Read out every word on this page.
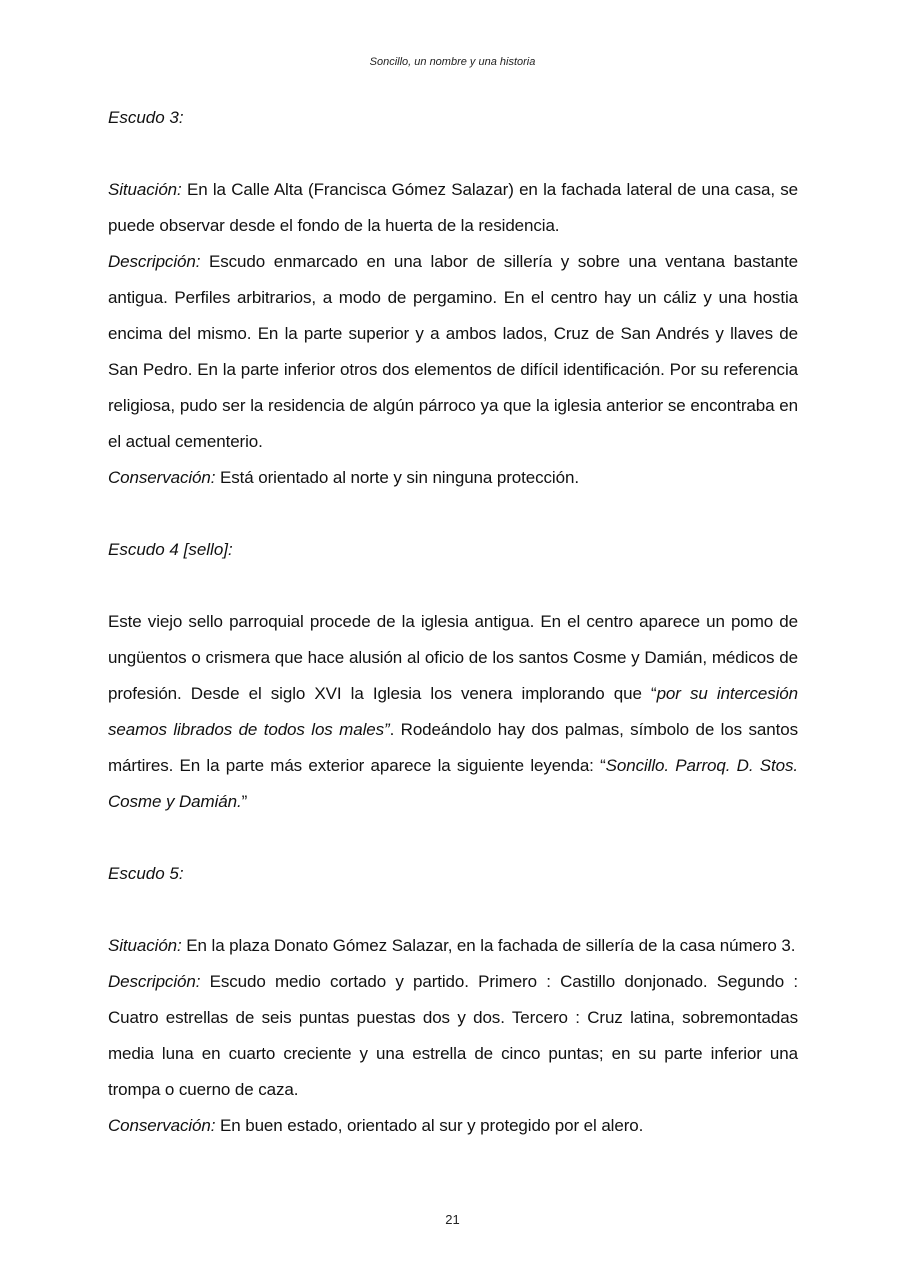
Soncillo, un nombre y una historia

Escudo 3:

Situación: En la Calle Alta (Francisca Gómez Salazar) en la fachada lateral de una casa, se puede observar desde el fondo de la huerta de la residencia.

Descripción: Escudo enmarcado en una labor de sillería y sobre una ventana bastante antigua. Perfiles arbitrarios, a modo de pergamino. En el centro hay un cáliz y una hostia encima del mismo. En la parte superior y a ambos lados, Cruz de San Andrés y llaves de San Pedro. En la parte inferior otros dos elementos de difícil identificación. Por su referencia religiosa, pudo ser la residencia de algún párroco ya que la iglesia anterior se encontraba en el actual cementerio.

Conservación: Está orientado al norte y sin ninguna protección.

Escudo 4 [sello]:

Este viejo sello parroquial procede de la iglesia antigua. En el centro aparece un pomo de ungüentos o crismera que hace alusión al oficio de los santos Cosme y Damián, médicos de profesión. Desde el siglo XVI la Iglesia los venera implorando que “por su intercesión seamos librados de todos los males”. Rodeándolo hay dos palmas, símbolo de los santos mártires. En la parte más exterior aparece la siguiente leyenda: “Soncillo. Parroq. D. Stos. Cosme y Damián.”

Escudo 5:

Situación: En la plaza Donato Gómez Salazar, en la fachada de sillería de la casa número 3.

Descripción: Escudo medio cortado y partido. Primero : Castillo donjonado. Segundo : Cuatro estrellas de seis puntas puestas dos y dos. Tercero : Cruz latina, sobremontadas media luna en cuarto creciente y una estrella de cinco puntas; en su parte inferior una trompa o cuerno de caza.

Conservación: En buen estado, orientado al sur y protegido por el alero.

21
